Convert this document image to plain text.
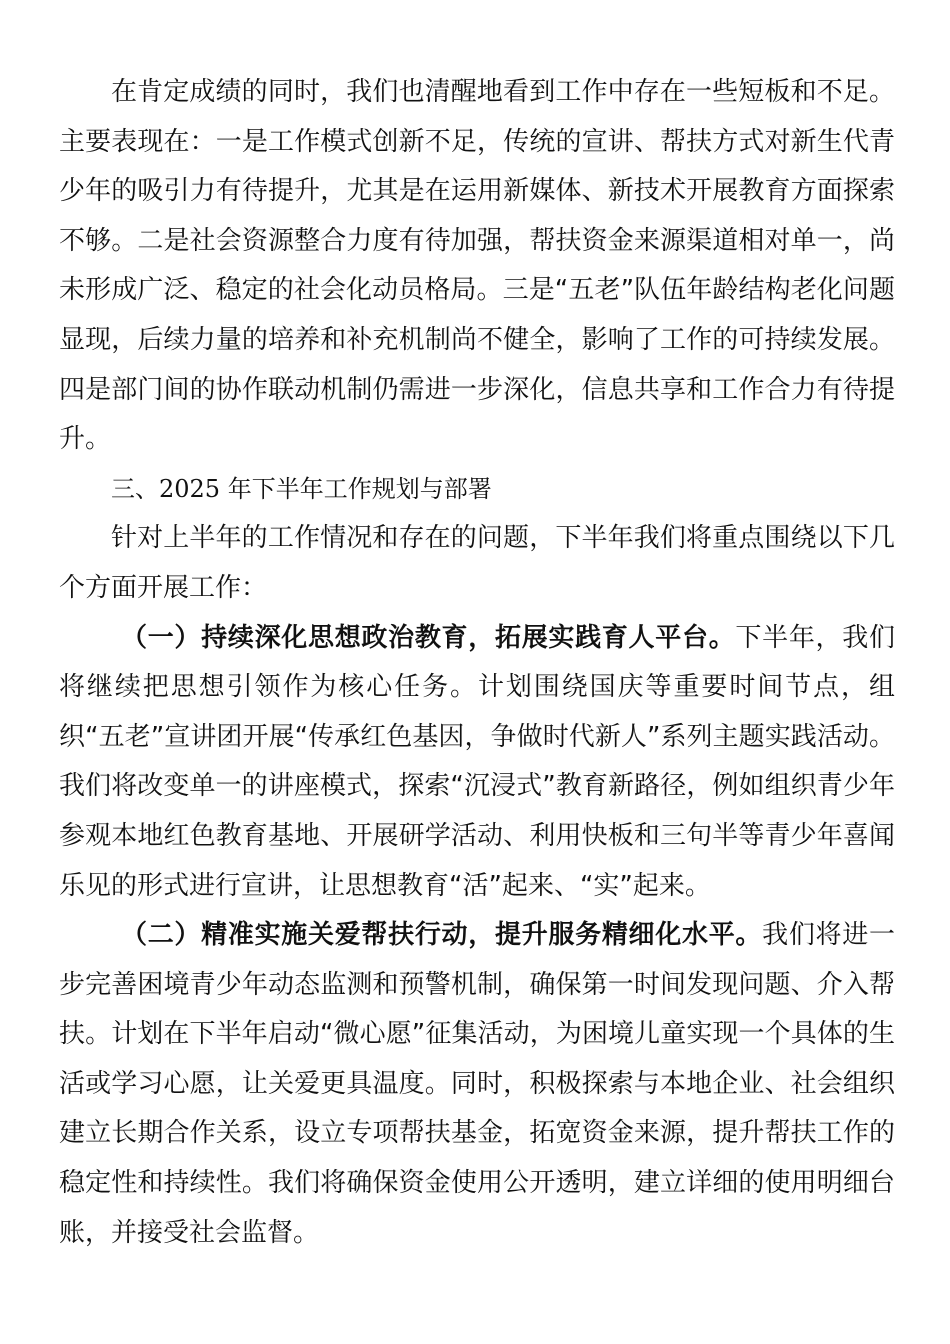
在肯定成绩的同时，我们也清醒地看到工作中存在一些短板和不足。主要表现在：一是工作模式创新不足，传统的宣讲、帮扶方式对新生代青少年的吸引力有待提升，尤其是在运用新媒体、新技术开展教育方面探索不够。二是社会资源整合力度有待加强，帮扶资金来源渠道相对单一，尚未形成广泛、稳定的社会化动员格局。三是“五老”队伍年龄结构老化问题显现，后续力量的培养和补充机制尚不健全，影响了工作的可持续发展。四是部门间的协作联动机制仍需进一步深化，信息共享和工作合力有待提升。

三、2025 年下半年工作规划与部署

针对上半年的工作情况和存在的问题，下半年我们将重点围绕以下几个方面开展工作：

（一）持续深化思想政治教育，拓展实践育人平台。下半年，我们将继续把思想引领作为核心任务。计划围绕国庆等重要时间节点，组织“五老”宣讲团开展“传承红色基因，争做时代新人”系列主题实践活动。我们将改变单一的讲座模式，探索“沉浸式”教育新路径，例如组织青少年参观本地红色教育基地、开展研学活动、利用快板和三句半等青少年喜闻乐见的形式进行宣讲，让思想教育“活”起来、“实”起来。

（二）精准实施关爱帮扶行动，提升服务精细化水平。我们将进一步完善困境青少年动态监测和预警机制，确保第一时间发现问题、介入帮扶。计划在下半年启动“微心愿”征集活动，为困境儿童实现一个具体的生活或学习心愿，让关爱更具温度。同时，积极探索与本地企业、社会组织建立长期合作关系，设立专项帮扶基金，拓宽资金来源，提升帮扶工作的稳定性和持续性。我们将确保资金使用公开透明，建立详细的使用明细台账，并接受社会监督。
